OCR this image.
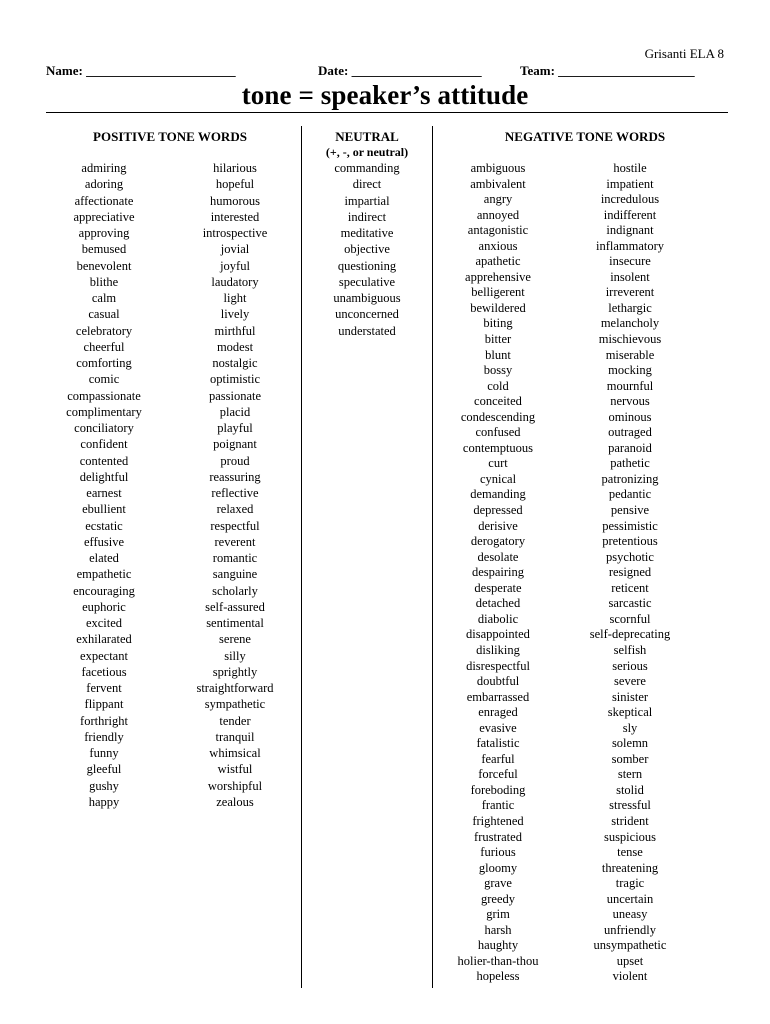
Grisanti ELA 8
Name: _______________________	Date: ____________________	Team: _____________________
tone = speaker’s attitude
POSITIVE TONE WORDS	NEUTRAL
(+, -, or neutral)
NEGATIVE TONE WORDS
admiring
adoring
affectionate
appreciative
approving
bemused
benevolent
blithe
calm
casual
celebratory
cheerful
comforting
comic
compassionate
complimentary
conciliatory
confident
contented
delightful
earnest
ebullient
ecstatic
effusive
elated
empathetic
encouraging
euphoric
excited
exhilarated
expectant
facetious
fervent
flippant
forthright
friendly
funny
gleeful
gushy
happy
hilarious
hopeful
humorous
interested
introspective
jovial
joyful
laudatory
light
lively
mirthful
modest
nostalgic
optimistic
passionate
placid
playful
poignant
proud
reassuring
reflective
relaxed
respectful
reverent
romantic
sanguine
scholarly
self-assured
sentimental
serene
silly
sprightly
straightforward
sympathetic
tender
tranquil
whimsical
wistful
worshipful
zealous
commanding
direct
impartial
indirect
meditative
objective
questioning
speculative
unambiguous
unconcerned
understated
ambiguous
ambivalent
angry
annoyed
antagonistic
anxious
apathetic
apprehensive
belligerent
bewildered
biting
bitter
blunt
bossy
cold
conceited
condescending
confused
contemptuous
curt
cynical
demanding
depressed
derisive
derogatory
desolate
despairing
desperate
detached
diabolic
disappointed
disliking
disrespectful
doubtful
embarrassed
enraged
evasive
fatalistic
fearful
forceful
foreboding
frantic
frightened
frustrated
furious
gloomy
grave
greedy
grim
harsh
haughty
holier-than-thou
hopeless
hostile
impatient
incredulous
indifferent
indignant
inflammatory
insecure
insolent
irreverent
lethargic
melancholy
mischievous
miserable
mocking
mournful
nervous
ominous
outraged
paranoid
pathetic
patronizing
pedantic
pensive
pessimistic
pretentious
psychotic
resigned
reticent
sarcastic
scornful
self-deprecating
selfish
serious
severe
sinister
skeptical
sly
solemn
somber
stern
stolid
stressful
strident
suspicious
tense
threatening
tragic
uncertain
uneasy
unfriendly
unsympathetic
upset
violent
